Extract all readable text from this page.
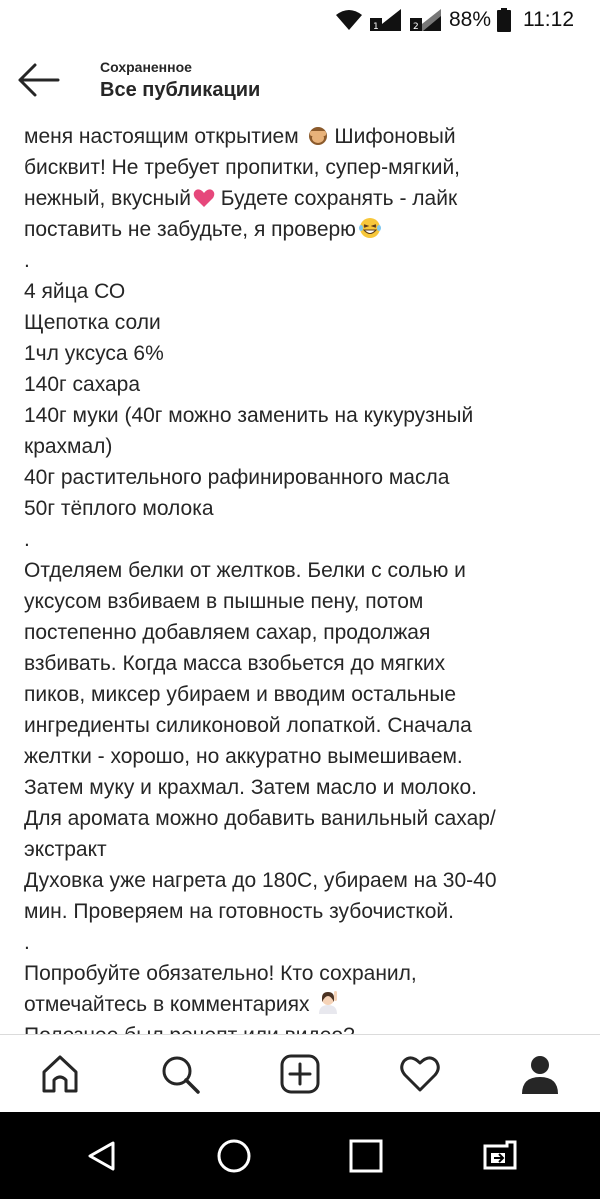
1	2 88% 11:12
Сохраненное
Все публикации
меня настоящим открытием Шифоновый
бисквит! Не требует пропитки, супер-мягкий,
нежный, вкусный Будете сохранять - лайк
поставить не забудьте, я проверю
.
4 яйца СО
Щепотка соли
1чл уксуса 6%
140г сахара
140г муки (40г можно заменить на кукурузный
крахмал)
40г растительного рафинированного масла
50г тёплого молока
.
Отделяем белки от желтков. Белки с солью и
уксусом взбиваем в пышные пену, потом
постепенно добавляем сахар, продолжая
взбивать. Когда масса взобьется до мягких
пиков, миксер убираем и вводим остальные
ингредиенты силиконовой лопаткой. Сначала
желтки - хорошо, но аккуратно вымешиваем.
Затем муку и крахмал. Затем масло и молоко.
Для аромата можно добавить ванильный сахар/
экстракт
Духовка уже нагрета до 180С, убираем на 30-40
мин. Проверяем на готовность зубочисткой.
.
Попробуйте обязательно! Кто сохранил,
отмечайтесь в комментариях
